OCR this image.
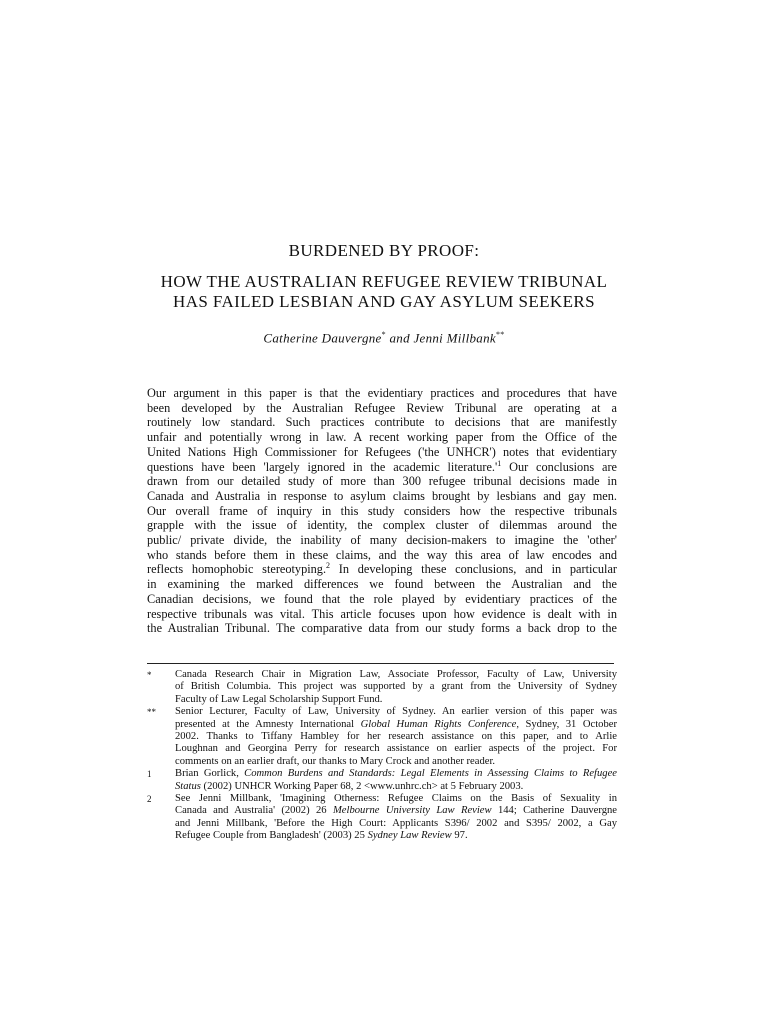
BURDENED BY PROOF:
HOW THE AUSTRALIAN REFUGEE REVIEW TRIBUNAL
HAS FAILED LESBIAN AND GAY ASYLUM SEEKERS
Catherine Dauvergne* and Jenni Millbank**
Our argument in this paper is that the evidentiary practices and procedures that have
been developed by the Australian Refugee Review Tribunal are operating at a
routinely low standard. Such practices contribute to decisions that are manifestly
unfair and potentially wrong in law. A recent working paper from the Office of the
United Nations High Commissioner for Refugees ('the UNHCR') notes that evidentiary
questions have been 'largely ignored in the academic $literature.'^1$ Our conclusions are
drawn from our detailed study of more than 300 refugee tribunal decisions made in
Canada and Australia in response to asylum claims brought by lesbians and gay men.
Our overall frame of inquiry in this study considers how the respective tribunals
grapple with the issue of identity, the complex cluster of dilemmas around the
public/ private divide, the inability of many decision-makers to imagine the 'other'
who stands before them in these claims, and the way this area of law encodes and
reflects homophobic stereotyping.$^2$ In developing these conclusions, and in particular
in examining the marked differences we found between the Australian and the
Canadian decisions, we found that the role played by evidentiary practices of the
respective tribunals was vital. This article focuses upon how evidence is dealt with in
the Australian Tribunal. The comparative data from our study forms a back drop to the
*	Canada Research Chair in Migration Law, Associate Professor, Faculty of Law, University
of British Columbia. This project was supported by a grant from the University of Sydney
Faculty of Law Legal Scholarship Support Fund.
**	Senior Lecturer, Faculty of Law, University of Sydney. An earlier version of this paper was
presented at the Amnesty International Global Human Rights Conference, Sydney, 31 October
2002. Thanks to Tiffany Hambley for her research assistance on this paper, and to Arlie
Loughnan and Georgina Perry for research assistance on earlier aspects of the project. For
comments on an earlier draft, our thanks to Mary Crock and another reader.
1	Brian Gorlick, Common Burdens and Standards: Legal Elements in Assessing Claims to Refugee
Status (2002) UNHCR Working Paper 68, 2 <www.unhrc.ch> at 5 February 2003.
2	See Jenni Millbank, 'Imagining Otherness: Refugee Claims on the Basis of Sexuality in
Canada and Australia' (2002) 26 Melbourne University Law Review 144; Catherine Dauvergne
and Jenni Millbank, 'Before the High Court: Applicants S396/ 2002 and S395/ 2002, a Gay
Refugee Couple from Bangladesh' (2003) 25 Sydney Law Review 97.
